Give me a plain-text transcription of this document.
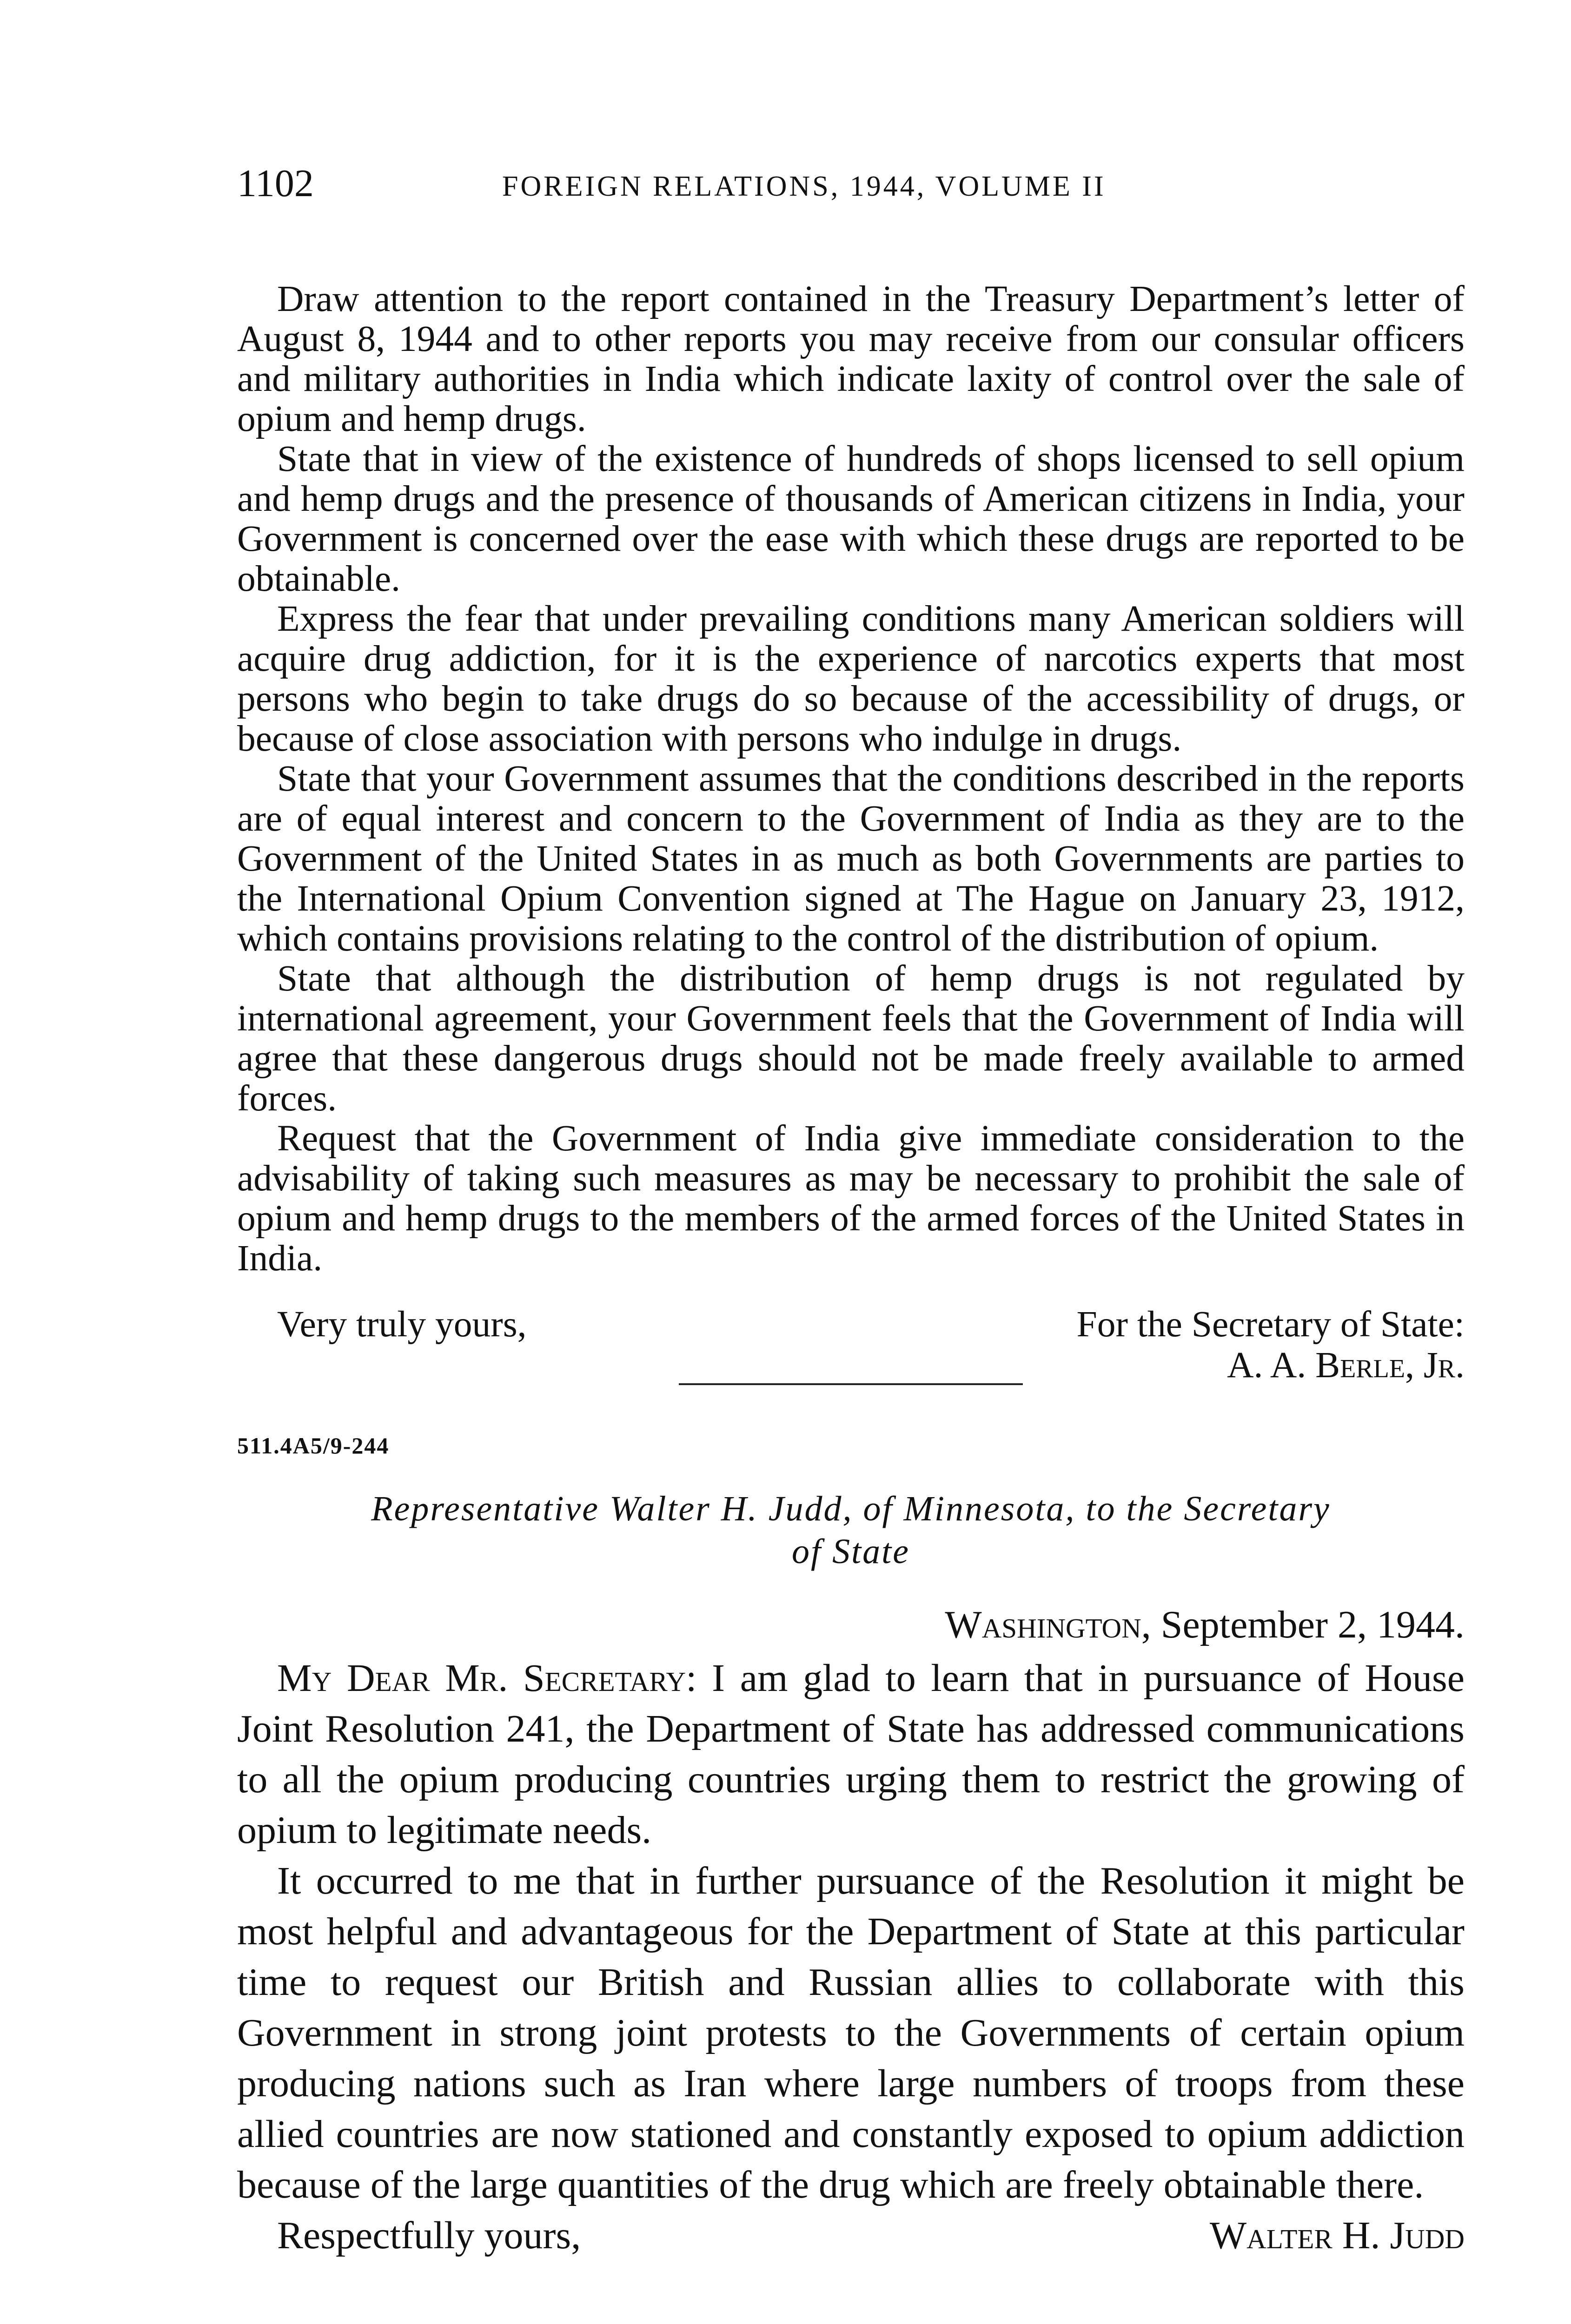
1102	FOREIGN RELATIONS, 1944, VOLUME II

Draw attention to the report contained in the Treasury Department’s letter of August 8, 1944 and to other reports you may receive from our consular officers and military authorities in India which indicate laxity of control over the sale of opium and hemp drugs.

State that in view of the existence of hundreds of shops licensed to sell opium and hemp drugs and the presence of thousands of American citizens in India, your Government is concerned over the ease with which these drugs are reported to be obtainable.

Express the fear that under prevailing conditions many American soldiers will acquire drug addiction, for it is the experience of narcotics experts that most persons who begin to take drugs do so because of the accessibility of drugs, or because of close association with persons who indulge in drugs.

State that your Government assumes that the conditions described in the reports are of equal interest and concern to the Government of India as they are to the Government of the United States in as much as both Governments are parties to the International Opium Convention signed at The Hague on January 23, 1912, which contains provisions relating to the control of the distribution of opium.

State that although the distribution of hemp drugs is not regulated by international agreement, your Government feels that the Government of India will agree that these dangerous drugs should not be made freely available to armed forces.

Request that the Government of India give immediate consideration to the advisability of taking such measures as may be necessary to prohibit the sale of opium and hemp drugs to the members of the armed forces of the United States in India.

Very truly yours,	For the Secretary of State:
A. A. Berle, Jr.
511.4A5/9-244
Representative Walter H. Judd, of Minnesota, to the Secretary
of State
Washington, September 2, 1944.

My Dear Mr. Secretary: I am glad to learn that in pursuance of House Joint Resolution 241, the Department of State has addressed communications to all the opium producing countries urging them to restrict the growing of opium to legitimate needs.

It occurred to me that in further pursuance of the Resolution it might be most helpful and advantageous for the Department of State at this particular time to request our British and Russian allies to collaborate with this Government in strong joint protests to the Governments of certain opium producing nations such as Iran where large numbers of troops from these allied countries are now stationed and constantly exposed to opium addiction because of the large quantities of the drug which are freely obtainable there.

Respectfully yours,	Walter H. Judd
